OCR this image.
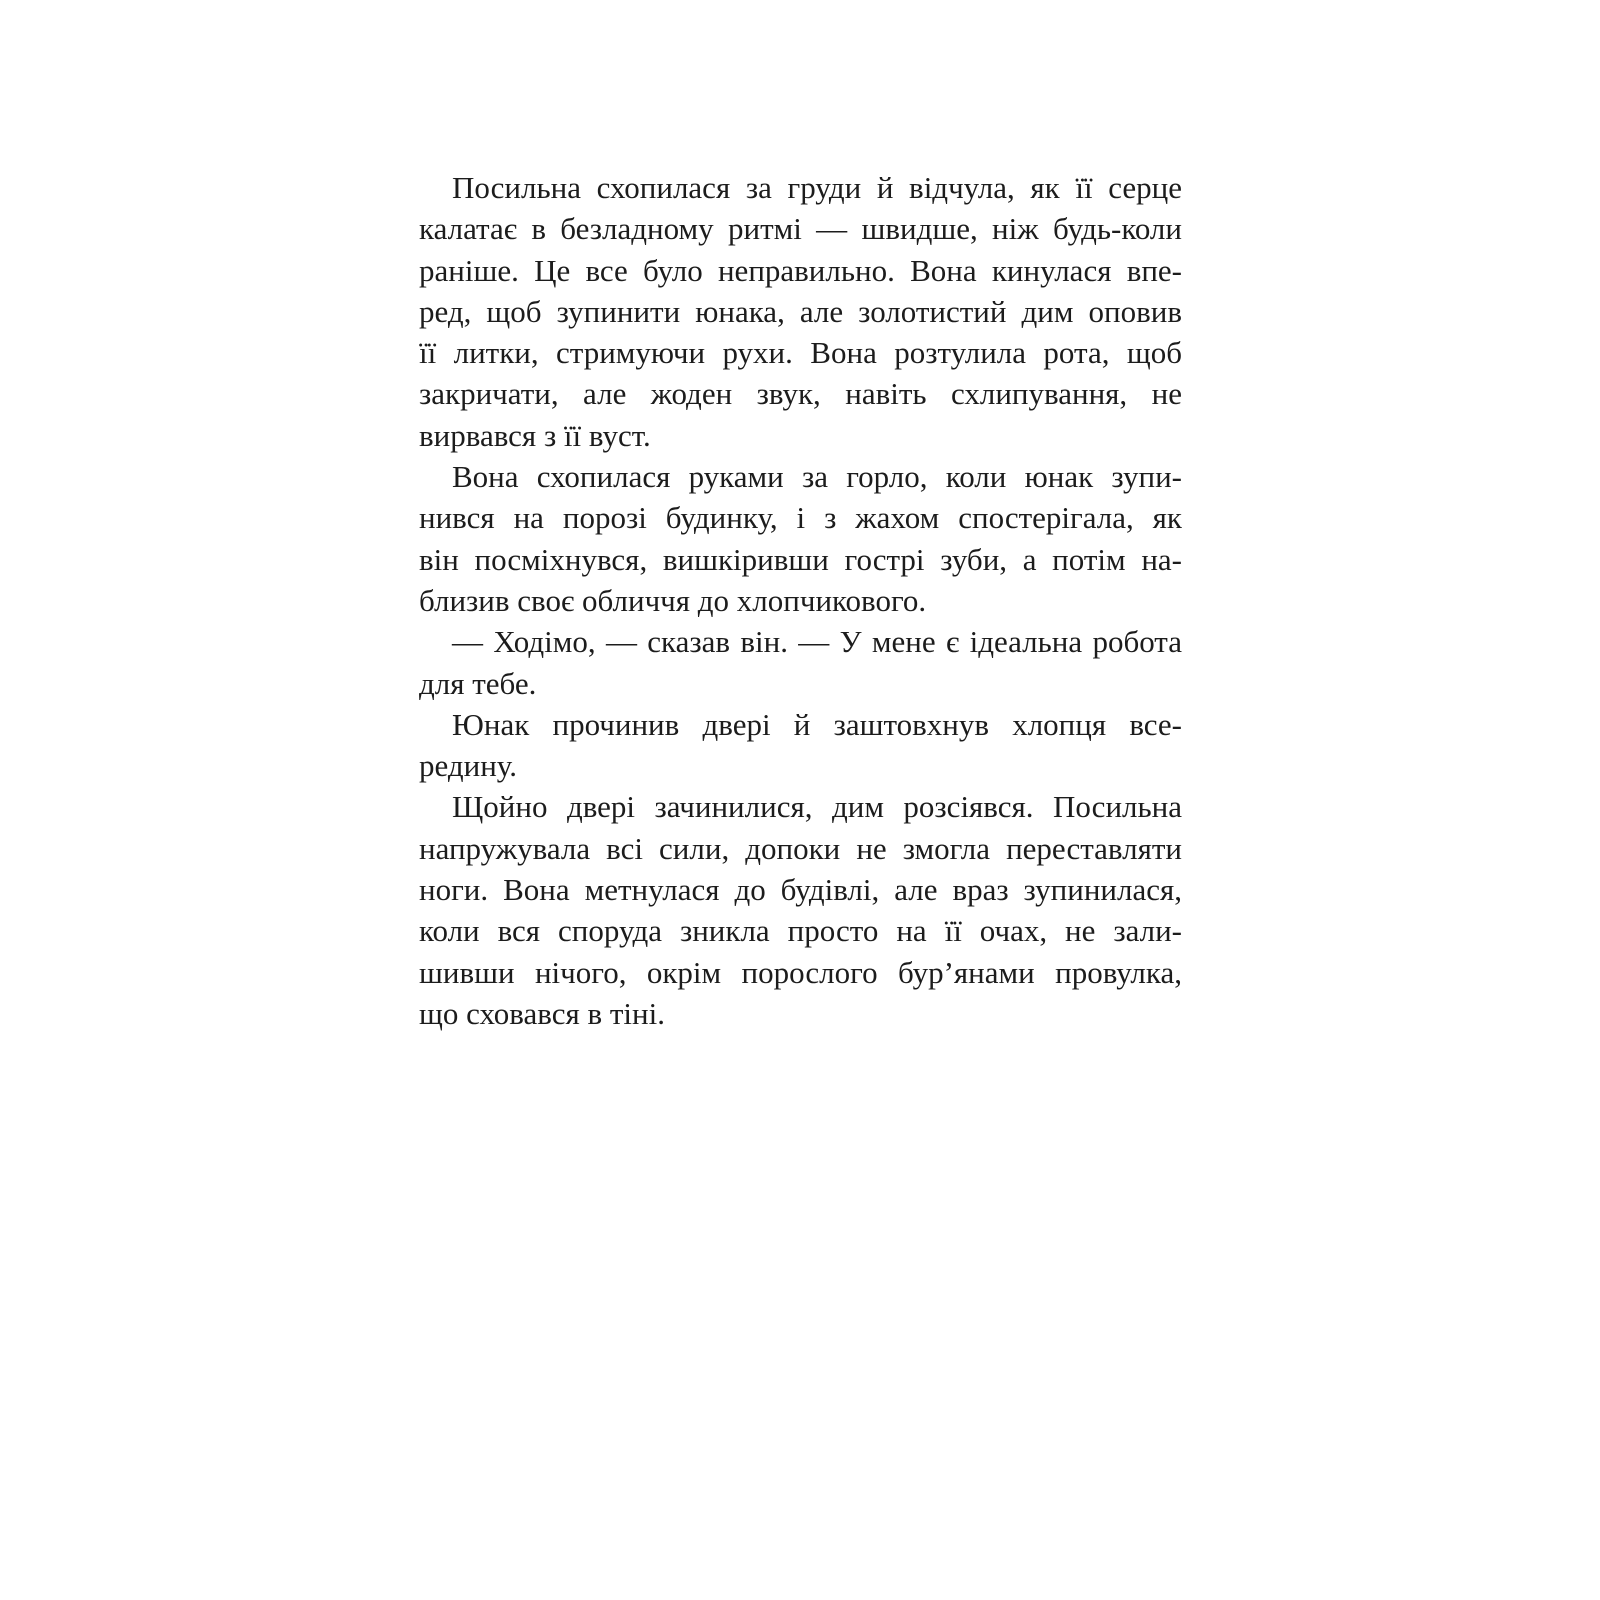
Посильна схопилася за груди й відчула, як її серце
калатає в безладному ритмі — швидше, ніж будь-коли
раніше. Це все було неправильно. Вона кинулася впе-
ред, щоб зупинити юнака, але золотистий дим оповив
її литки, стримуючи рухи. Вона розтулила рота, щоб
закричати, але жоден звук, навіть схлипування, не
вирвався з її вуст.
Вона схопилася руками за горло, коли юнак зупи-
нився на порозі будинку, і з жахом спостерігала, як
він посміхнувся, вишкіривши гострі зуби, а потім на-
близив своє обличчя до хлопчикового.
— Ходімо, — сказав він. — У мене є ідеальна робота
для тебе.
Юнак прочинив двері й заштовхнув хлопця все-
редину.
Щойно двері зачинилися, дим розсіявся. Посильна
напружувала всі сили, допоки не змогла переставляти
ноги. Вона метнулася до будівлі, але враз зупинилася,
коли вся споруда зникла просто на її очах, не зали-
шивши нічого, окрім порослого бур’янами провулка,
що сховався в тіні.
